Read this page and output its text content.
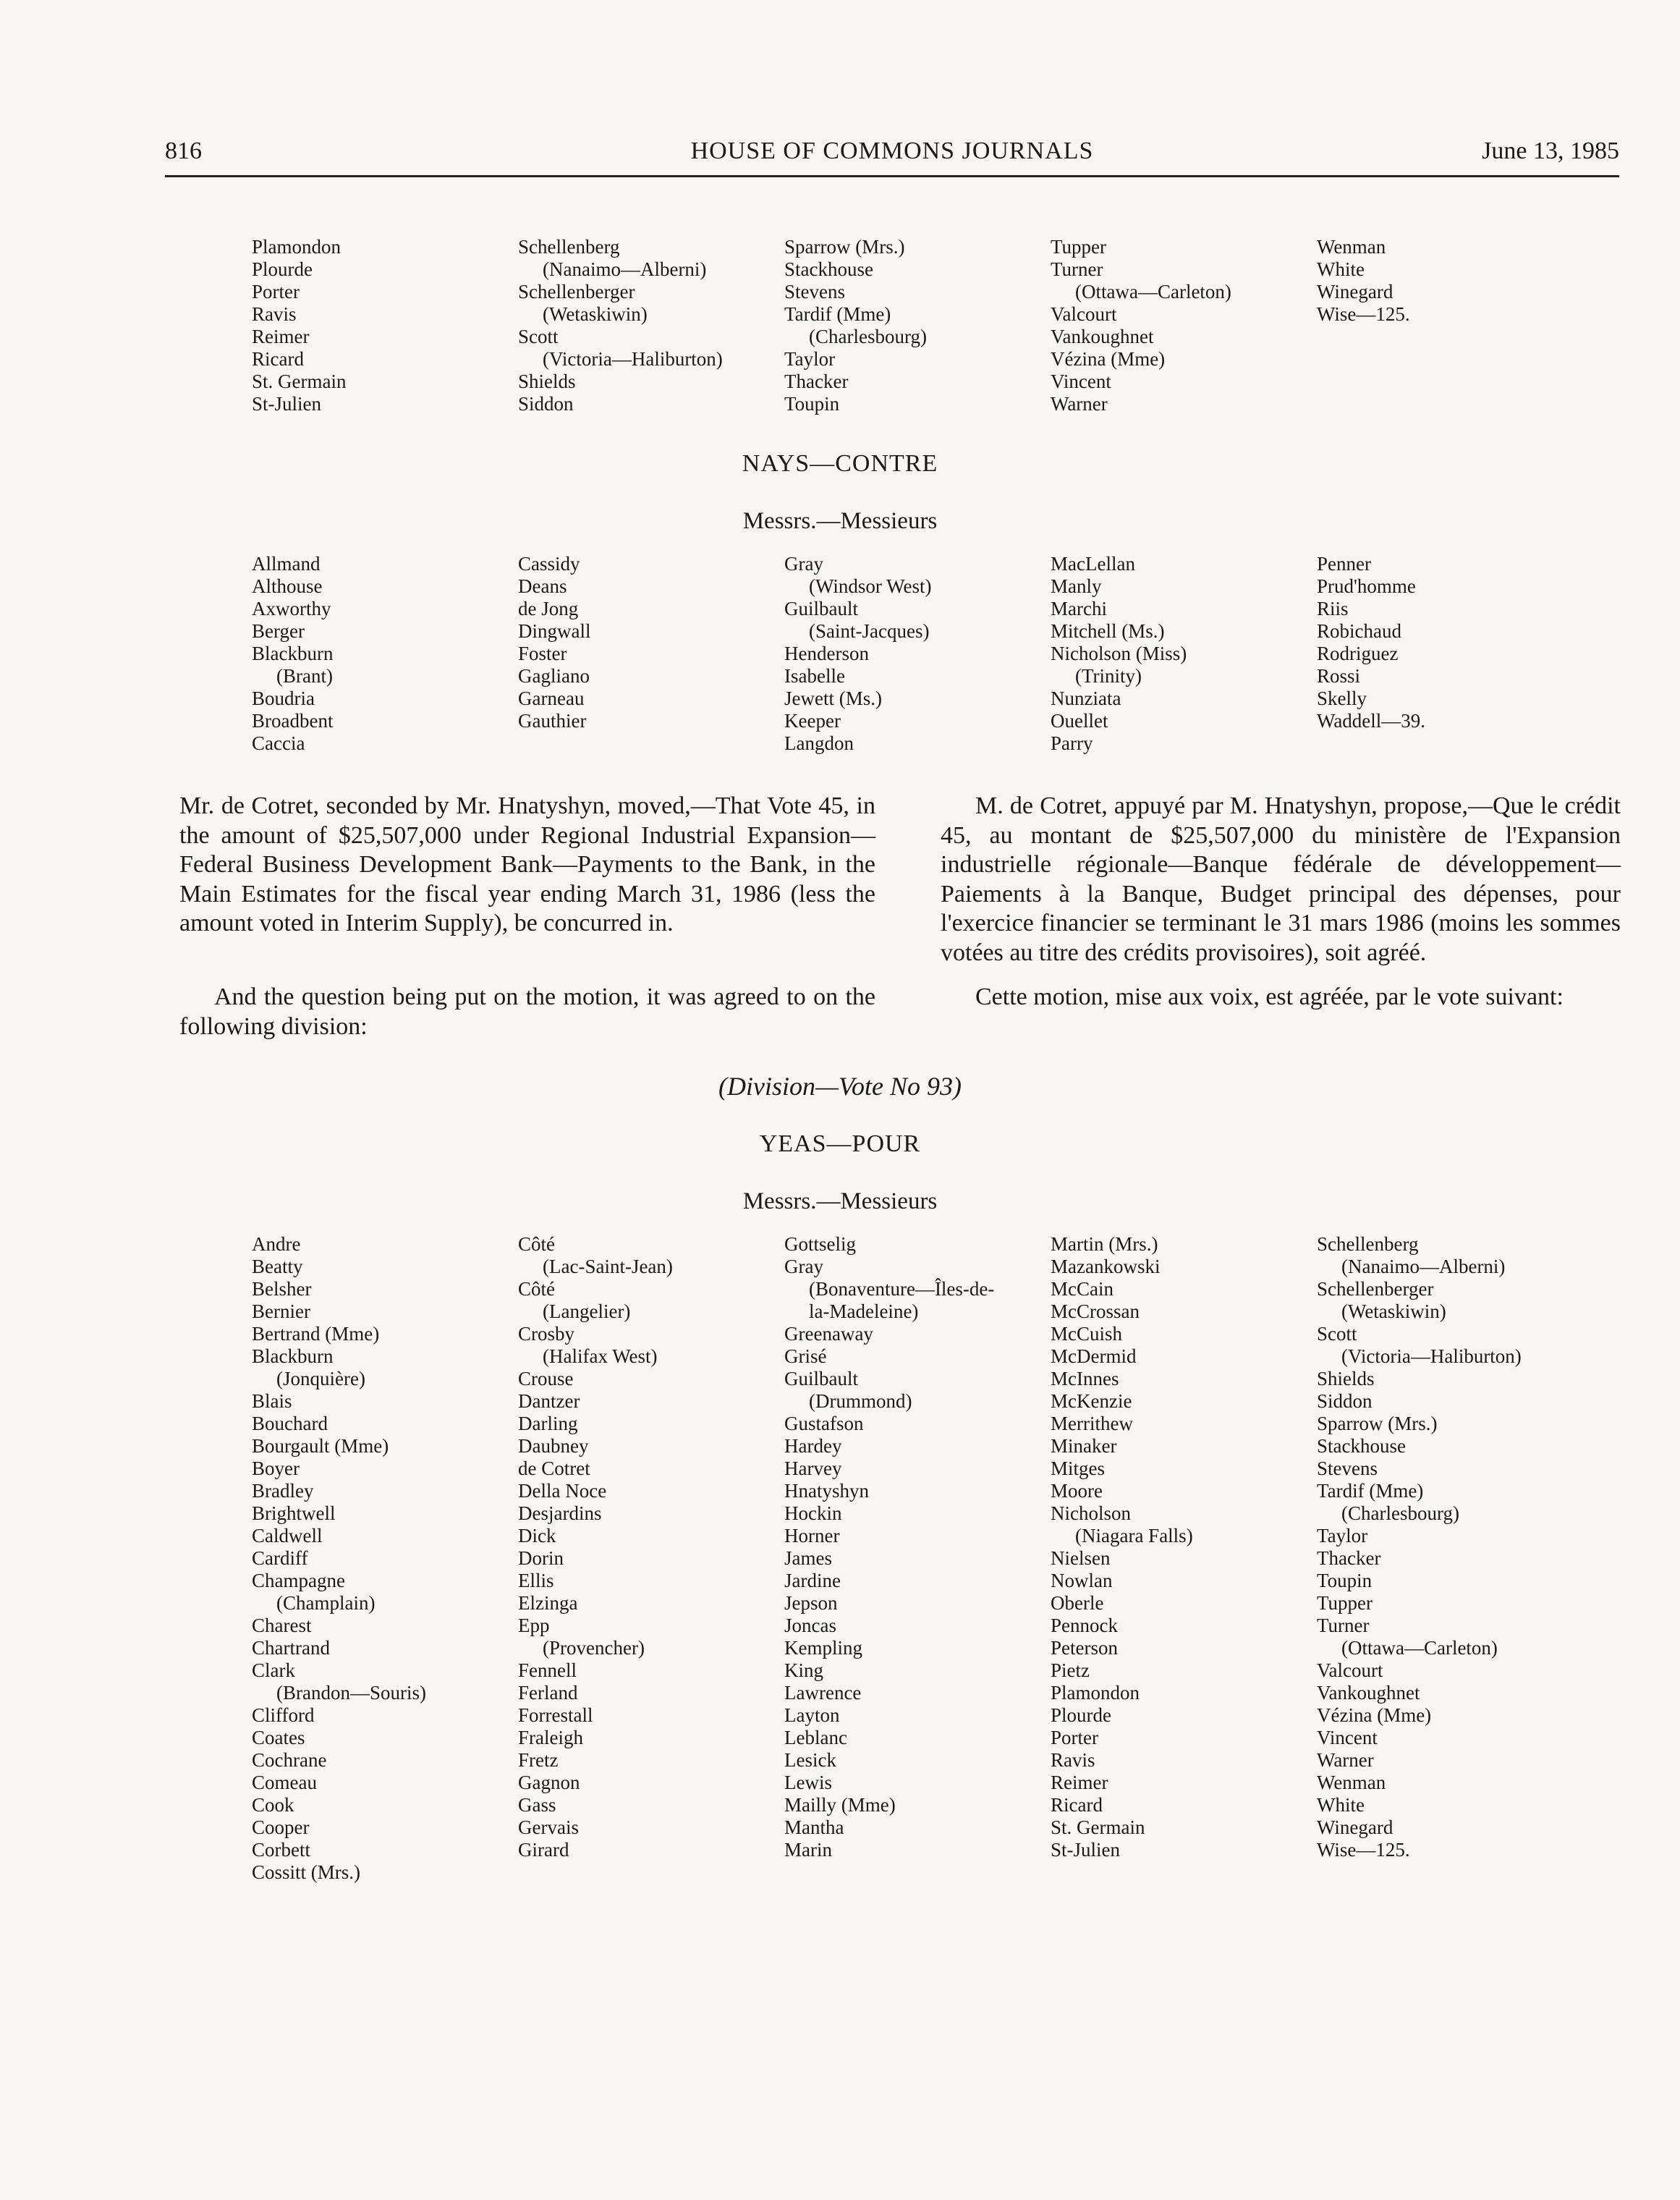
816	HOUSE OF COMMONS JOURNALS	June 13, 1985
Plamondon
Plourde
Porter
Ravis
Reimer
Ricard
St. Germain
St-Julien
Schellenberg
(Nanaimo—Alberni)
Schellenberger
(Wetaskiwin)
Scott
(Victoria—Haliburton)
Shields
Siddon
Sparrow (Mrs.)
Stackhouse
Stevens
Tardif (Mme)
(Charlesbourg)
Taylor
Thacker
Toupin
Tupper
Turner
(Ottawa—Carleton)
Valcourt
Vankoughnet
Vézina (Mme)
Vincent
Warner
Wenman
White
Winegard
Wise—125.
NAYS—CONTRE
Messrs.—Messieurs
Allmand
Althouse
Axworthy
Berger
Blackburn
(Brant)
Boudria
Broadbent
Caccia
Cassidy
Deans
de Jong
Dingwall
Foster
Gagliano
Garneau
Gauthier
Gray
(Windsor West)
Guilbault
(Saint-Jacques)
Henderson
Isabelle
Jewett (Ms.)
Keeper
Langdon
MacLellan
Manly
Marchi
Mitchell (Ms.)
Nicholson (Miss)
(Trinity)
Nunziata
Ouellet
Parry
Penner
Prud'homme
Riis
Robichaud
Rodriguez
Rossi
Skelly
Waddell—39.

Mr. de Cotret, seconded by Mr. Hnatyshyn, moved,—That Vote 45, in the amount of $25,507,000 under Regional Industrial Expansion—Federal Business Development Bank—Payments to the Bank, in the Main Estimates for the fiscal year ending March 31, 1986 (less the amount voted in Interim Supply), be concurred in.

And the question being put on the motion, it was agreed to on the following division:

M. de Cotret, appuyé par M. Hnatyshyn, propose,—Que le crédit 45, au montant de $25,507,000 du ministère de l'Expansion industrielle régionale—Banque fédérale de développement—Paiements à la Banque, Budget principal des dépenses, pour l'exercice financier se terminant le 31 mars 1986 (moins les sommes votées au titre des crédits provisoires), soit agréé.

Cette motion, mise aux voix, est agréée, par le vote suivant:

(Division—Vote No 93)
YEAS—POUR
Messrs.—Messieurs
Andre
Beatty
Belsher
Bernier
Bertrand (Mme)
Blackburn
(Jonquière)
Blais
Bouchard
Bourgault (Mme)
Boyer
Bradley
Brightwell
Caldwell
Cardiff
Champagne
(Champlain)
Charest
Chartrand
Clark
(Brandon—Souris)
Clifford
Coates
Cochrane
Comeau
Cook
Cooper
Corbett
Cossitt (Mrs.)
Côté
(Lac-Saint-Jean)
Côté
(Langelier)
Crosby
(Halifax West)
Crouse
Dantzer
Darling
Daubney
de Cotret
Della Noce
Desjardins
Dick
Dorin
Ellis
Elzinga
Epp
(Provencher)
Fennell
Ferland
Forrestall
Fraleigh
Fretz
Gagnon
Gass
Gervais
Girard
Gottselig
Gray
(Bonaventure—Îles-de-
la-Madeleine)
Greenaway
Grisé
Guilbault
(Drummond)
Gustafson
Hardey
Harvey
Hnatyshyn
Hockin
Horner
James
Jardine
Jepson
Joncas
Kempling
King
Lawrence
Layton
Leblanc
Lesick
Lewis
Mailly (Mme)
Mantha
Marin
Martin (Mrs.)
Mazankowski
McCain
McCrossan
McCuish
McDermid
McInnes
McKenzie
Merrithew
Minaker
Mitges
Moore
Nicholson
(Niagara Falls)
Nielsen
Nowlan
Oberle
Pennock
Peterson
Pietz
Plamondon
Plourde
Porter
Ravis
Reimer
Ricard
St. Germain
St-Julien
Schellenberg
(Nanaimo—Alberni)
Schellenberger
(Wetaskiwin)
Scott
(Victoria—Haliburton)
Shields
Siddon
Sparrow (Mrs.)
Stackhouse
Stevens
Tardif (Mme)
(Charlesbourg)
Taylor
Thacker
Toupin
Tupper
Turner
(Ottawa—Carleton)
Valcourt
Vankoughnet
Vézina (Mme)
Vincent
Warner
Wenman
White
Winegard
Wise—125.
